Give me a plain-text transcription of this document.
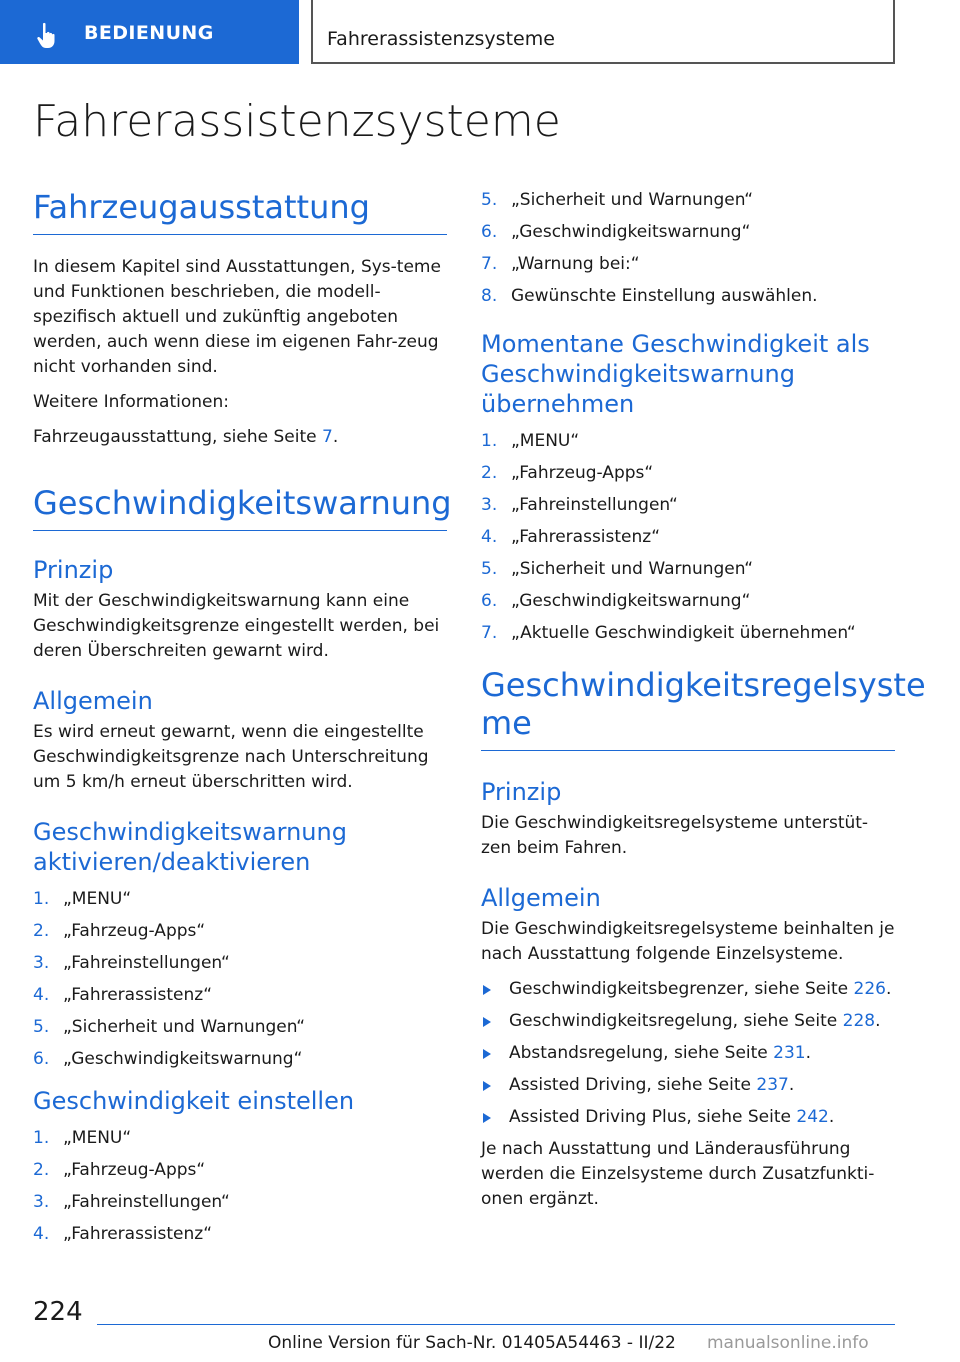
BEDIENUNG	Fahrerassistenzsysteme
Fahrerassistenzsysteme
Fahrzeugausstattung

In diesem Kapitel sind Ausstattungen, Sys-teme und Funktionen beschrieben, die modell-spezifisch aktuell und zukünftig angeboten werden, auch wenn diese im eigenen Fahr-zeug nicht vorhanden sind.

Weitere Informationen:

Fahrzeugausstattung, siehe Seite 7.

Geschwindigkeitswarnung
Prinzip

Mit der Geschwindigkeitswarnung kann eine Geschwindigkeitsgrenze eingestellt werden, bei deren Überschreiten gewarnt wird.

Allgemein

Es wird erneut gewarnt, wenn die eingestellte Geschwindigkeitsgrenze nach Unterschreitung um 5 km/h erneut überschritten wird.

Geschwindigkeitswarnung aktivieren/deaktivieren
1. „MENU“
2. „Fahrzeug-Apps“
3. „Fahreinstellungen“
4. „Fahrerassistenz“
5. „Sicherheit und Warnungen“
6. „Geschwindigkeitswarnung“
Geschwindigkeit einstellen
1. „MENU“
2. „Fahrzeug-Apps“
3. „Fahreinstellungen“
4. „Fahrerassistenz“
5. „Sicherheit und Warnungen“
6. „Geschwindigkeitswarnung“
7. „Warnung bei:“
8. Gewünschte Einstellung auswählen.
Momentane Geschwindigkeit als Geschwindigkeitswarnung übernehmen
1. „MENU“
2. „Fahrzeug-Apps“
3. „Fahreinstellungen“
4. „Fahrerassistenz“
5. „Sicherheit und Warnungen“
6. „Geschwindigkeitswarnung“
7. „Aktuelle Geschwindigkeit übernehmen“
Geschwindigkeitsregelsyste me
Prinzip

Die Geschwindigkeitsregelsysteme unterstüt-zen beim Fahren.

Allgemein

Die Geschwindigkeitsregelsysteme beinhalten je nach Ausstattung folgende Einzelsysteme.

Geschwindigkeitsbegrenzer, siehe Seite 226.
Geschwindigkeitsregelung, siehe Seite 228.
Abstandsregelung, siehe Seite 231.
Assisted Driving, siehe Seite 237.
Assisted Driving Plus, siehe Seite 242.

Je nach Ausstattung und Länderausführung werden die Einzelsysteme durch Zusatzfunkti-onen ergänzt.

224
Online Version für Sach-Nr. 01405A54463 - II/22 manualsonline.info
